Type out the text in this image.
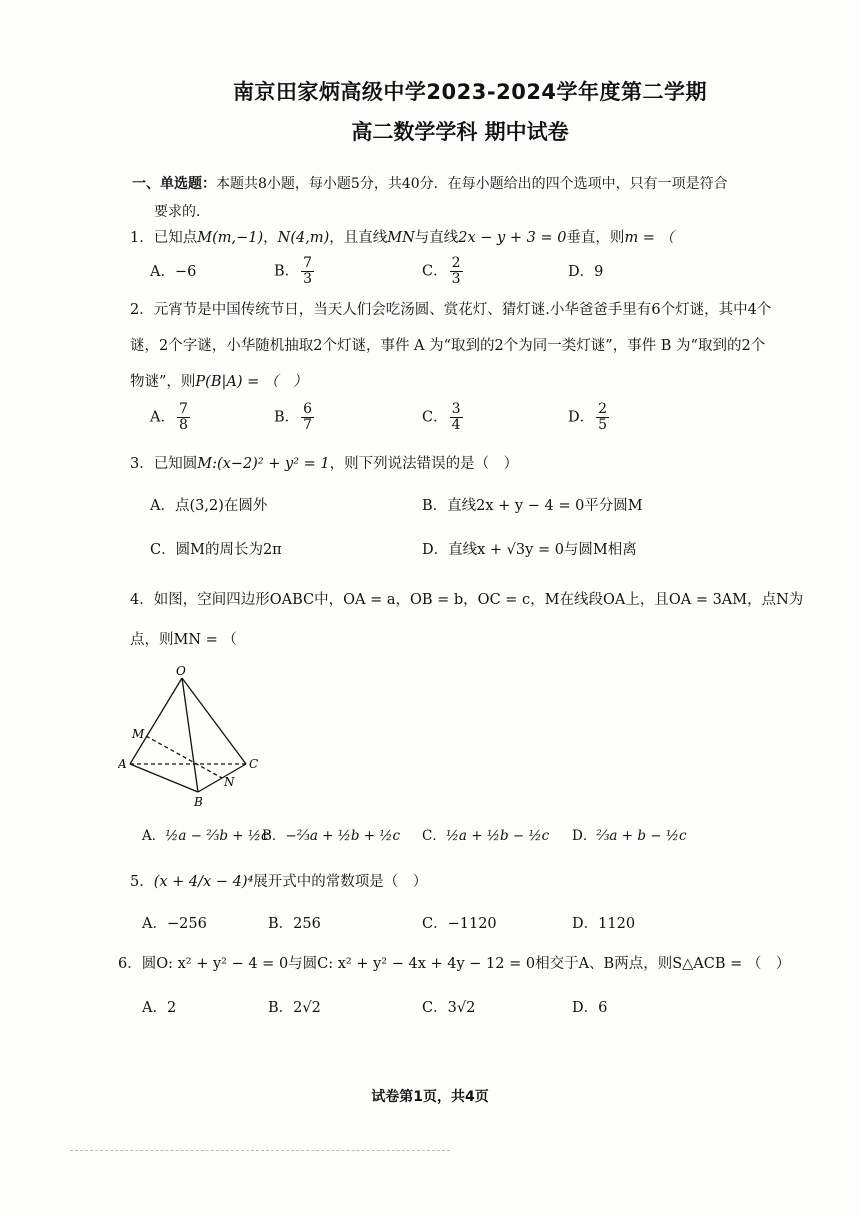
南京田家炳高级中学2023-2024学年度第二学期
高二数学学科 期中试卷
一、单选题：本题共8小题，每小题5分，共40分．在每小题给出的四个选项中，只有一项是符合
要求的．
1．已知点M(m,−1)，N(4,m)，且直线MN与直线2x − y + 3 = 0垂直，则m = （
A．−6	B． $\frac{7}{3}$	C． $\frac{2}{3}$	D．9
2．元宵节是中国传统节日，当天人们会吃汤圆、赏花灯、猜灯谜.小华爸爸手里有6个灯谜，其中4个
谜，2个字谜，小华随机抽取2个灯谜，事件 A 为“取到的2个为同一类灯谜”，事件 B 为“取到的2个
物谜”，则P(B|A) = （　）
A． $\frac{7}{8}$	B． $\frac{6}{7}$	C． $\frac{3}{4}$	D． $\frac{2}{5}$
3．已知圆M:(x−2)² + y² = 1，则下列说法错误的是（　）
A．点(3,2)在圆外	B．直线2x + y − 4 = 0平分圆M
C．圆M的周长为2π	D．直线x + √3y = 0与圆M相离
4．如图，空间四边形OABC中，OA = a，OB = b，OC = c，M在线段OA上，且OA = 3AM，点N为
点，则MN = （
O
M
A	C
N
B
A．½a − ⅔b + ½c
B．−⅔a + ½b + ½c C．½a + ½b − ½c D．⅔a + b − ½c
5．(x + 4/x − 4)⁴展开式中的常数项是（　）
A．−256	B．256	C．−1120	D．1120
6．圆O: x² + y² − 4 = 0与圆C: x² + y² − 4x + 4y − 12 = 0相交于A、B两点，则S△ACB = （　）
A．2	B．2√2	C．3√2	D．6
试卷第1页，共4页
